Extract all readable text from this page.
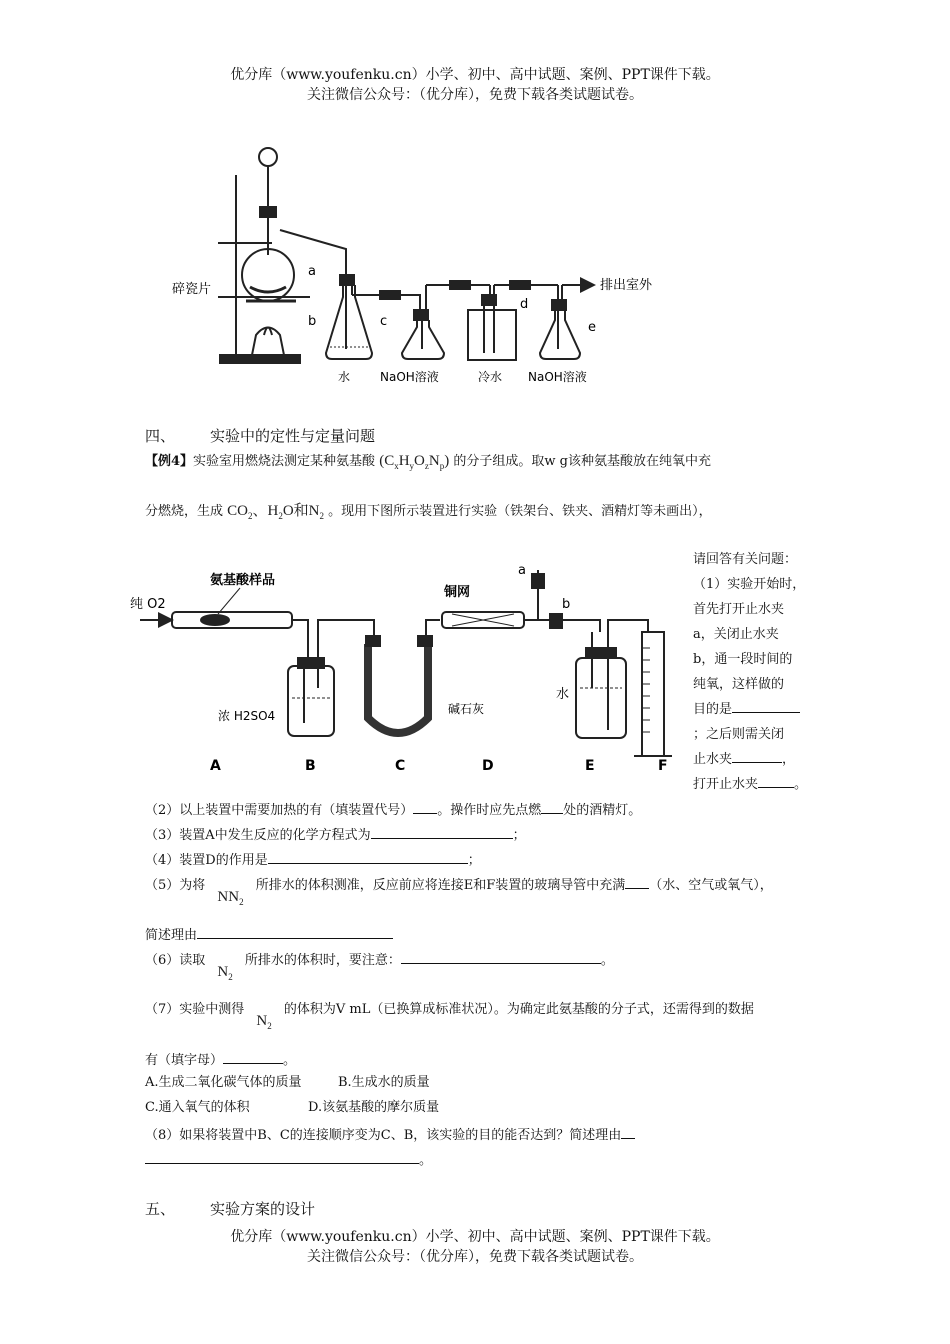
优分库（www.youfenku.cn）小学、初中、高中试题、案例、PPT课件下载。
关注微信公众号：（优分库），免费下载各类试题试卷。
碎瓷片
a
b	c
d
e
水 NaOH溶液	冷水 NaOH溶液
排出室外
四、 实验中的定性与定量问题
【例4】实验室用燃烧法测定某种氨基酸 $(C_xH_yO_zN_p)$ 的分子组成。取w g该种氨基酸放在纯氧中充
分燃烧，生成 $CO_2$、$H_2O$和$N_2$ 。现用下图所示装置进行实验（铁架台、铁夹、酒精灯等未画出），
纯 O2
氨基酸样品
铜网
浓 H2SO4	碱石灰
水
a
b
A	B	C	D	E	F
请回答有关问题：
（1）实验开始时，
首先打开止水夹
a，关闭止水夹
b，通一段时间的
纯氧，这样做的
目的是
；之后则需关闭
止水夹	，
打开止水夹	。
（2）以上装置中需要加热的有（填装置代号） 。操作时应先点燃 处的酒精灯。
（3）装置A中发生反应的化学方程式为	；
（4）装置D的作用是	；
（5）为将 $NN_2$ 所排水的体积测准，反应前应将连接E和F装置的玻璃导管中充满 （水、空气或氧气），
简述理由
（6）读取 $N_2$ 所排水的体积时，要注意：	。
（7）实验中测得 $N_2$ 的体积为V mL（已换算成标准状况）。为确定此氨基酸的分子式，还需得到的数据
有（填字母）	。
A.生成二氧化碳气体的质量	B.生成水的质量
C.通入氧气的体积	D.该氨基酸的摩尔质量
（8）如果将装置中B、C的连接顺序变为C、B，该实验的目的能否达到？简述理由
。
五、 实验方案的设计
优分库（www.youfenku.cn）小学、初中、高中试题、案例、PPT课件下载。
关注微信公众号：（优分库），免费下载各类试题试卷。
